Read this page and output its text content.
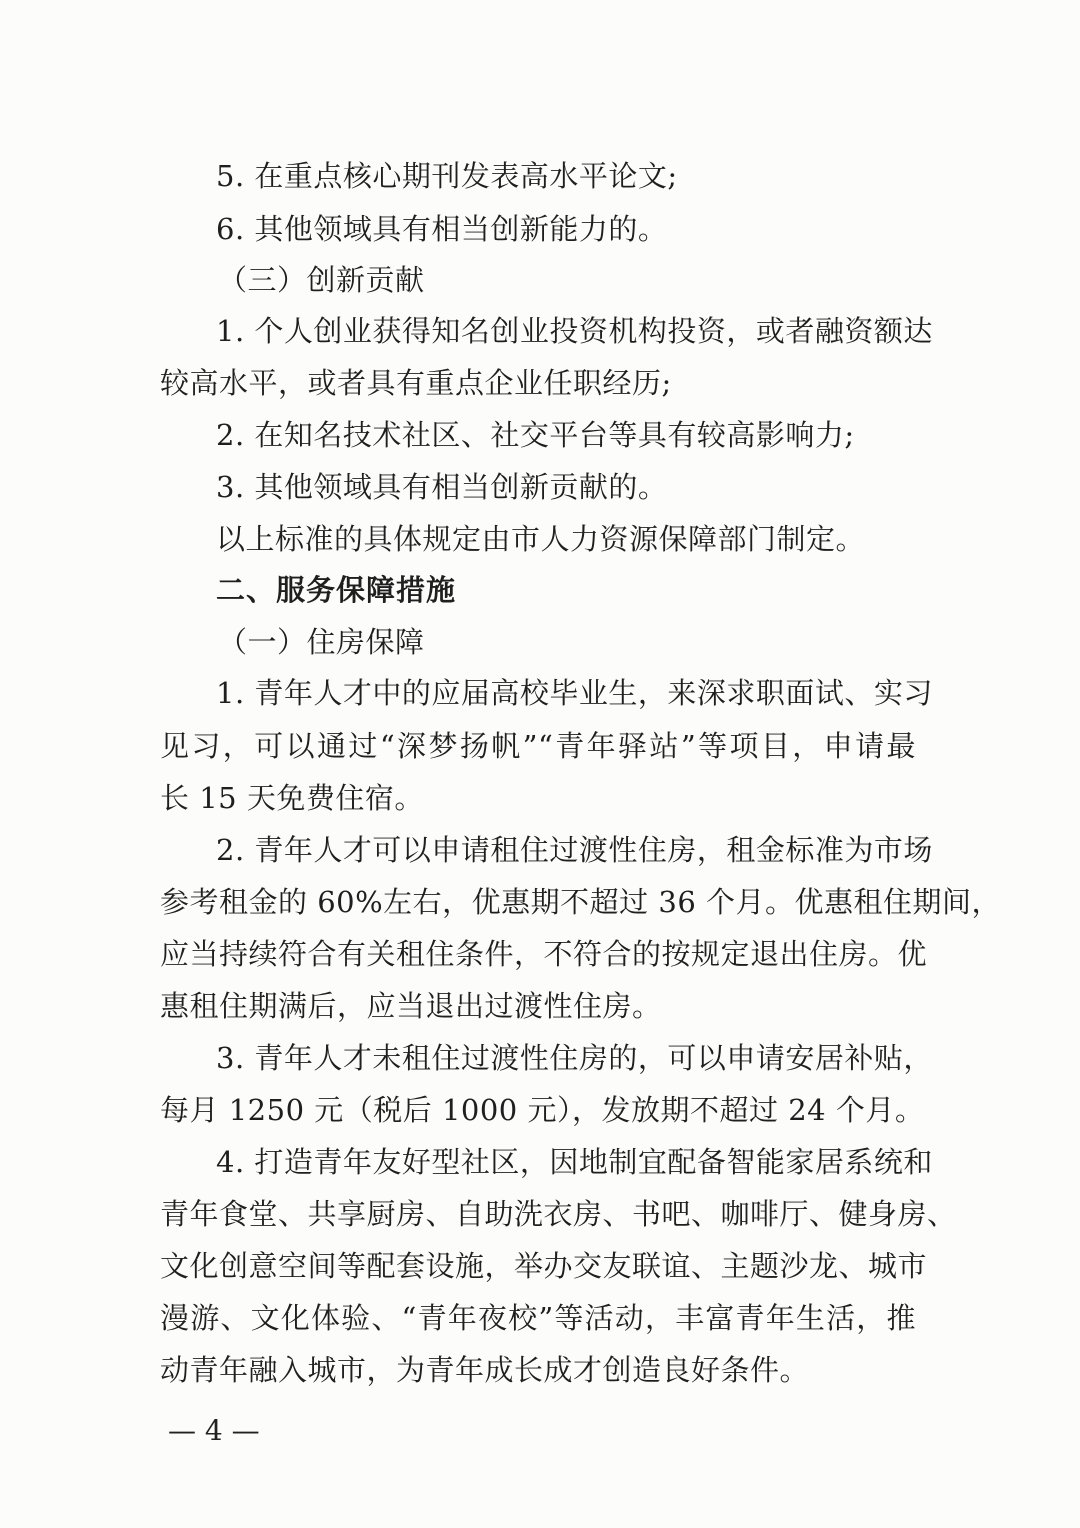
5. 在重点核心期刊发表高水平论文;
6. 其他领域具有相当创新能力的。
（三）创新贡献
1. 个人创业获得知名创业投资机构投资，或者融资额达
较高水平，或者具有重点企业任职经历;
2. 在知名技术社区、社交平台等具有较高影响力;
3. 其他领域具有相当创新贡献的。
以上标准的具体规定由市人力资源保障部门制定。
二、服务保障措施
（一）住房保障
1. 青年人才中的应届高校毕业生，来深求职面试、实习
见习，可以通过“深梦扬帆”“青年驿站”等项目，申请最
长 15 天免费住宿。
2. 青年人才可以申请租住过渡性住房，租金标准为市场
参考租金的 60%左右，优惠期不超过 36 个月。优惠租住期间，
应当持续符合有关租住条件，不符合的按规定退出住房。优
惠租住期满后，应当退出过渡性住房。
3. 青年人才未租住过渡性住房的，可以申请安居补贴，
每月 1250 元（税后 1000 元），发放期不超过 24 个月。
4. 打造青年友好型社区，因地制宜配备智能家居系统和
青年食堂、共享厨房、自助洗衣房、书吧、咖啡厅、健身房、
文化创意空间等配套设施，举办交友联谊、主题沙龙、城市
漫游、文化体验、“青年夜校”等活动，丰富青年生活，推
动青年融入城市，为青年成长成才创造良好条件。
— 4 —
